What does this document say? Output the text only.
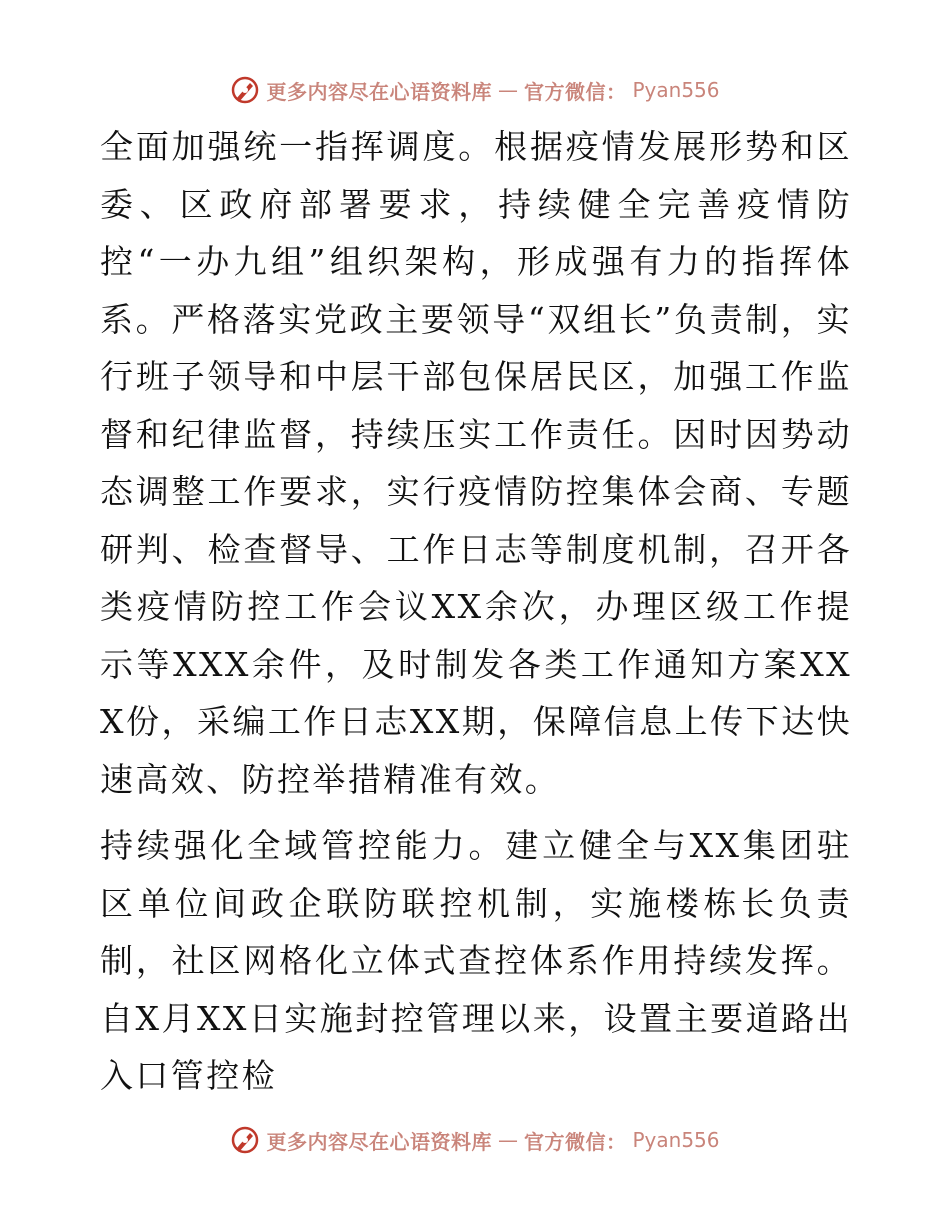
更多内容尽在心语资料库 — 官方微信： Pyan556

全面加强统一指挥调度。根据疫情发展形势和区委、区政府部署要求，持续健全完善疫情防控“一办九组”组织架构，形成强有力的指挥体系。严格落实党政主要领导“双组长”负责制，实行班子领导和中层干部包保居民区，加强工作监督和纪律监督，持续压实工作责任。因时因势动态调整工作要求，实行疫情防控集体会商、专题研判、检查督导、工作日志等制度机制，召开各类疫情防控工作会议XX余次，办理区级工作提示等XXX余件，及时制发各类工作通知方案XXX份，采编工作日志XX期，保障信息上传下达快速高效、防控举措精准有效。

持续强化全域管控能力。建立健全与XX集团驻区单位间政企联防联控机制，实施楼栋长负责制，社区网格化立体式查控体系作用持续发挥。自X月XX日实施封控管理以来，设置主要道路出入口管控检

更多内容尽在心语资料库 — 官方微信： Pyan556
